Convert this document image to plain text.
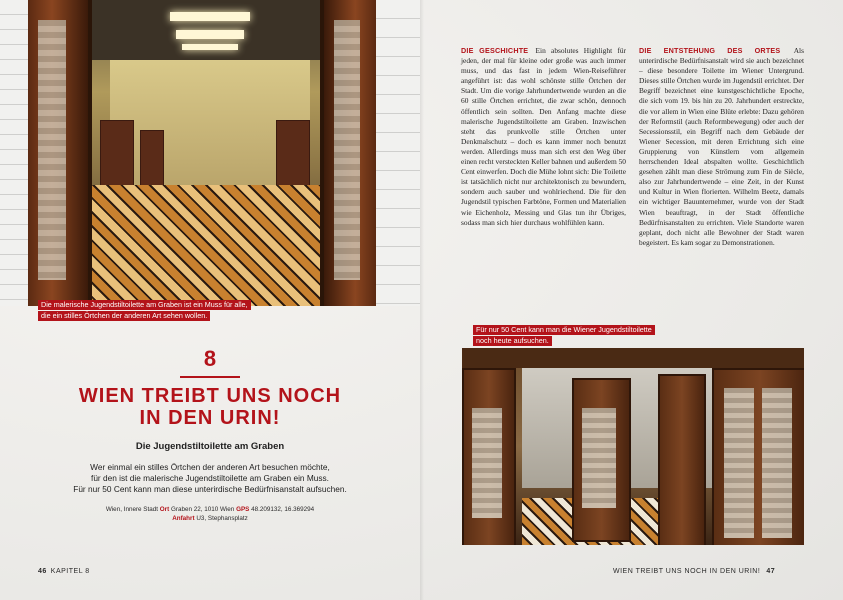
Die malerische Jugendstiltoilette am Graben ist ein Muss für alle,
die ein stilles Örtchen der anderen Art sehen wollen.
8
WIEN TREIBT UNS NOCH
IN DEN URIN!
Die Jugendstiltoilette am Graben
Wer einmal ein stilles Örtchen der anderen Art besuchen möchte,
für den ist die malerische Jugendstiltoilette am Graben ein Muss.
Für nur 50 Cent kann man diese unterirdische Bedürfnisanstalt aufsuchen.
Wien, Innere Stadt Ort Graben 22, 1010 Wien GPS 48.209132, 16.369294
Anfahrt U3, Stephansplatz
46 KAPITEL 8
DIE GESCHICHTE Ein absolutes Highlight für jeden, der mal für kleine oder große was auch immer muss, und das fast in jedem Wien-Reiseführer angeführt ist: das wohl schönste stille Örtchen der Stadt. Um die vorige Jahrhundertwende wurden an die 60 stille Örtchen errichtet, die zwar schön, dennoch öffentlich sein sollten. Den Anfang machte diese malerische Jugendstiltoilette am Graben. Inzwischen steht das prunkvolle stille Örtchen unter Denkmalschutz – doch es kann immer noch benutzt werden. Allerdings muss man sich erst den Weg über einen recht versteckten Keller bahnen und außerdem 50 Cent einwerfen. Doch die Mühe lohnt sich: Die Toilette ist tatsächlich nicht nur architektonisch zu bewundern, sondern auch sauber und wohlriechend. Die für den Jugendstil typischen Farbtöne, Formen und Materialien wie Eichenholz, Messing und Glas tun ihr Übriges, sodass man sich hier durchaus wohlfühlen kann.
DIE ENTSTEHUNG DES ORTES Als unterirdische Bedürfnisanstalt wird sie auch bezeichnet – diese besondere Toilette im Wiener Untergrund. Dieses stille Örtchen wurde im Jugendstil errichtet. Der Begriff bezeichnet eine kunstgeschichtliche Epoche, die sich vom 19. bis hin zu 20. Jahrhundert erstreckte, die vor allem in Wien eine Blüte erlebte: Dazu gehören der Reformstil (auch Reformbewegung) oder auch der Secessionsstil, ein Begriff nach dem Gebäude der Wiener Secession, mit deren Errichtung sich eine Gruppierung von Künstlern vom allgemein herrschenden Ideal abspalten wollte. Geschichtlich gesehen zählt man diese Strömung zum Fin de Siècle, also zur Jahrhundertwende – eine Zeit, in der Kunst und Kultur in Wien florierten. Wilhelm Beetz, damals ein wichtiger Bauunternehmer, wurde von der Stadt Wien beauftragt, in der Stadt öffentliche Bedürfnisanstalten zu errichten. Viele Standorte waren geplant, doch nicht alle Bewohner der Stadt waren begeistert. Es kam sogar zu Demonstrationen.
Für nur 50 Cent kann man die Wiener Jugendstiltoilette
noch heute aufsuchen.
WIEN TREIBT UNS NOCH IN DEN URIN! 47
